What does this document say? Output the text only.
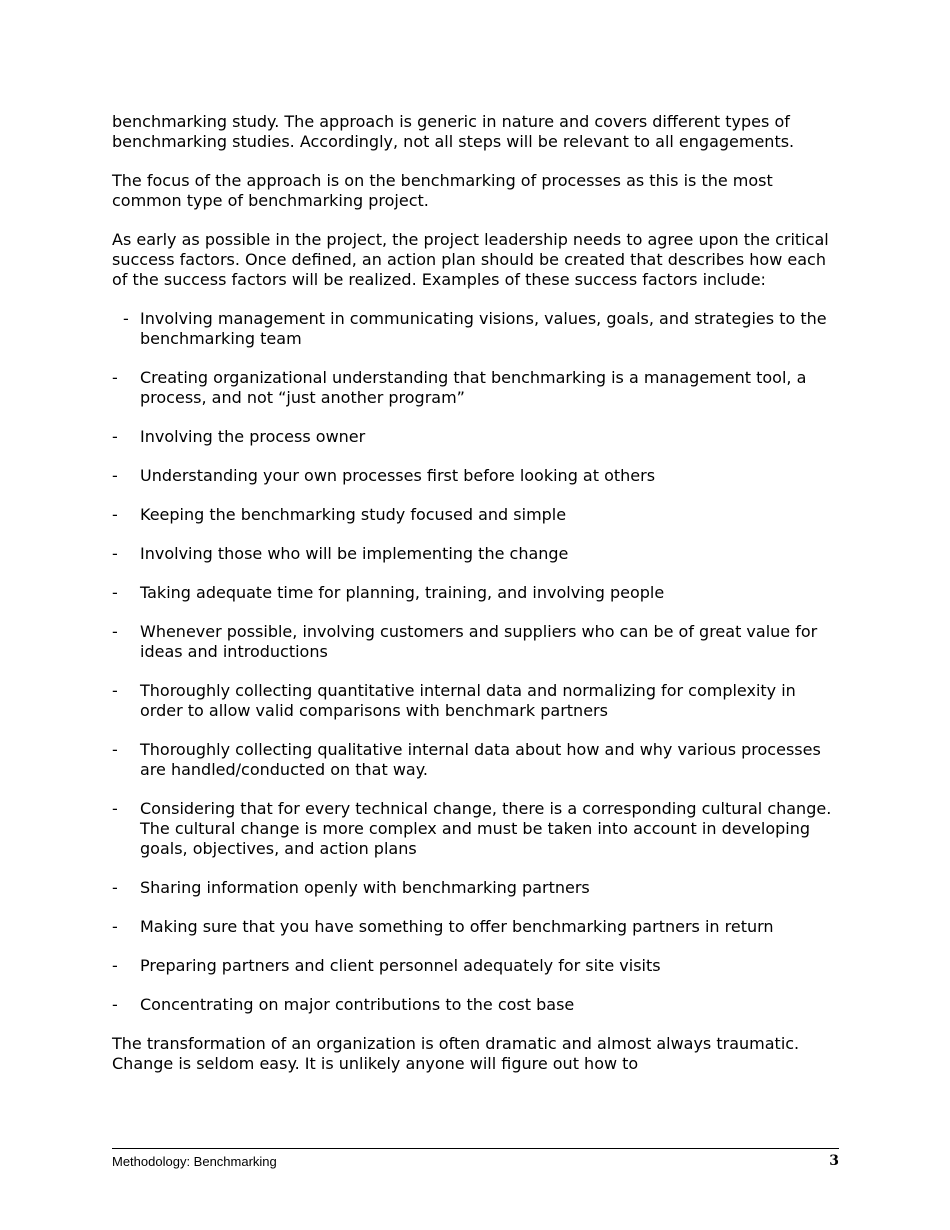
benchmarking study. The approach is generic in nature and covers different types of benchmarking studies. Accordingly, not all steps will be relevant to all engagements.

The focus of the approach is on the benchmarking of processes as this is the most common type of benchmarking project.

As early as possible in the project, the project leadership needs to agree upon the critical success factors. Once defined, an action plan should be created that describes how each of the success factors will be realized. Examples of these success factors include:

- Involving management in communicating visions, values, goals, and strategies to the benchmarking team
- Creating organizational understanding that benchmarking is a management tool, a process, and not “just another program”
- Involving the process owner
- Understanding your own processes first before looking at others
- Keeping the benchmarking study focused and simple
- Involving those who will be implementing the change
- Taking adequate time for planning, training, and involving people
- Whenever possible, involving customers and suppliers who can be of great value for ideas and introductions
- Thoroughly collecting quantitative internal data and normalizing for complexity in order to allow valid comparisons with benchmark partners
- Thoroughly collecting qualitative internal data about how and why various processes are handled/conducted on that way.
- Considering that for every technical change, there is a corresponding cultural change. The cultural change is more complex and must be taken into account in developing goals, objectives, and action plans
- Sharing information openly with benchmarking partners
- Making sure that you have something to offer benchmarking partners in return
- Preparing partners and client personnel adequately for site visits
- Concentrating on major contributions to the cost base

The transformation of an organization is often dramatic and almost always traumatic. Change is seldom easy. It is unlikely anyone will figure out how to

Methodology: Benchmarking	3
